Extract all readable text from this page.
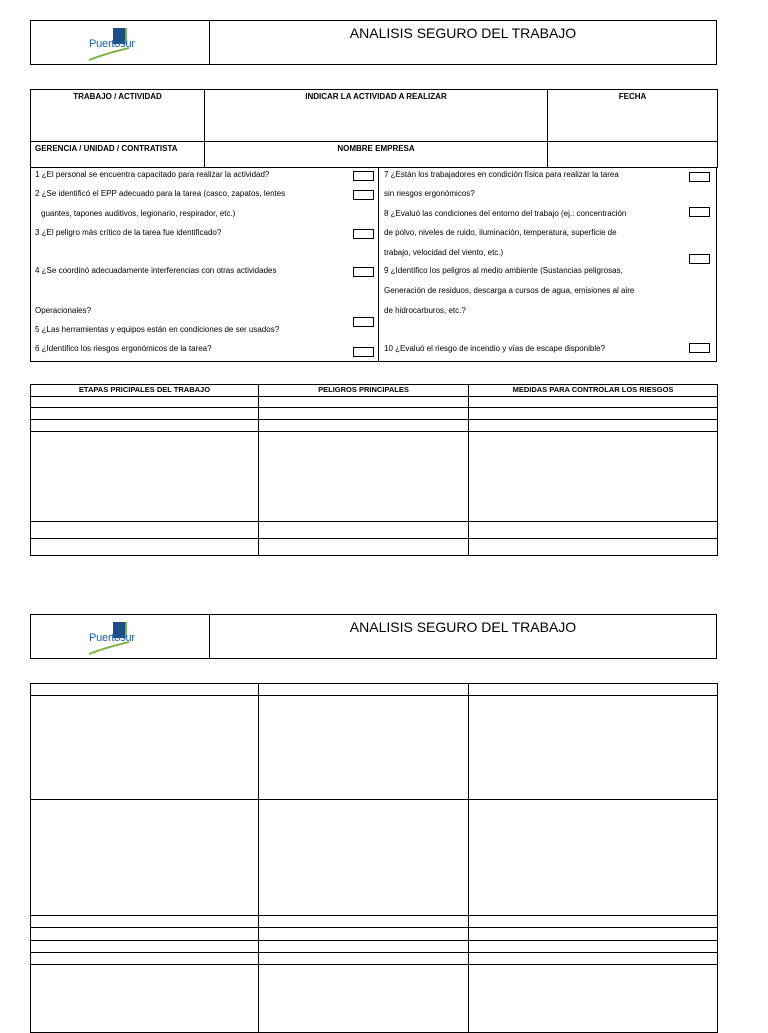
Puertosur
ANALISIS SEGURO DEL TRABAJO
TRABAJO / ACTIVIDAD	INDICAR LA ACTIVIDAD A REALIZAR	FECHA
GERENCIA / UNIDAD / CONTRATISTA	NOMBRE EMPRESA	
1 ¿El personal se encuentra capacitado para realizar la actividad?
2 ¿Se identificó el EPP adecuado para la tarea (casco, zapatos, lentes
guantes, tapones auditivos, legionario, respirador, etc.)
3 ¿El peligro más crítico de la tarea fue identificado?
4 ¿Se coordinó adecuadamente interferencias con otras actividades
Operacionales?
5 ¿Las herramientas y equipos están en condiciones de ser usados?
6 ¿Identifico los riesgos ergonómicos de la tarea?
7 ¿Están los trabajadores en condición física para realizar la tarea
sin riesgos ergonómicos?
8 ¿Evaluó las condiciones del entorno del trabajo (ej.: concentración
de polvo, niveles de ruido, iluminación, temperatura, superficie de
trabajo, velocidad del viento, etc.)
9 ¿Identifico los peligros al medio ambiente (Sustancias peligrosas,
Generación de residuos, descarga a cursos de agua, emisiones al aire
de hidrocarburos, etc.?
10 ¿Evaluó el riesgo de incendio y vías de escape disponible?
ETAPAS PRICIPALES DEL TRABAJO	PELIGROS PRINCIPALES	MEDIDAS PARA CONTROLAR LOS RIESGOS

Puertosur
ANALISIS SEGURO DEL TRABAJO
